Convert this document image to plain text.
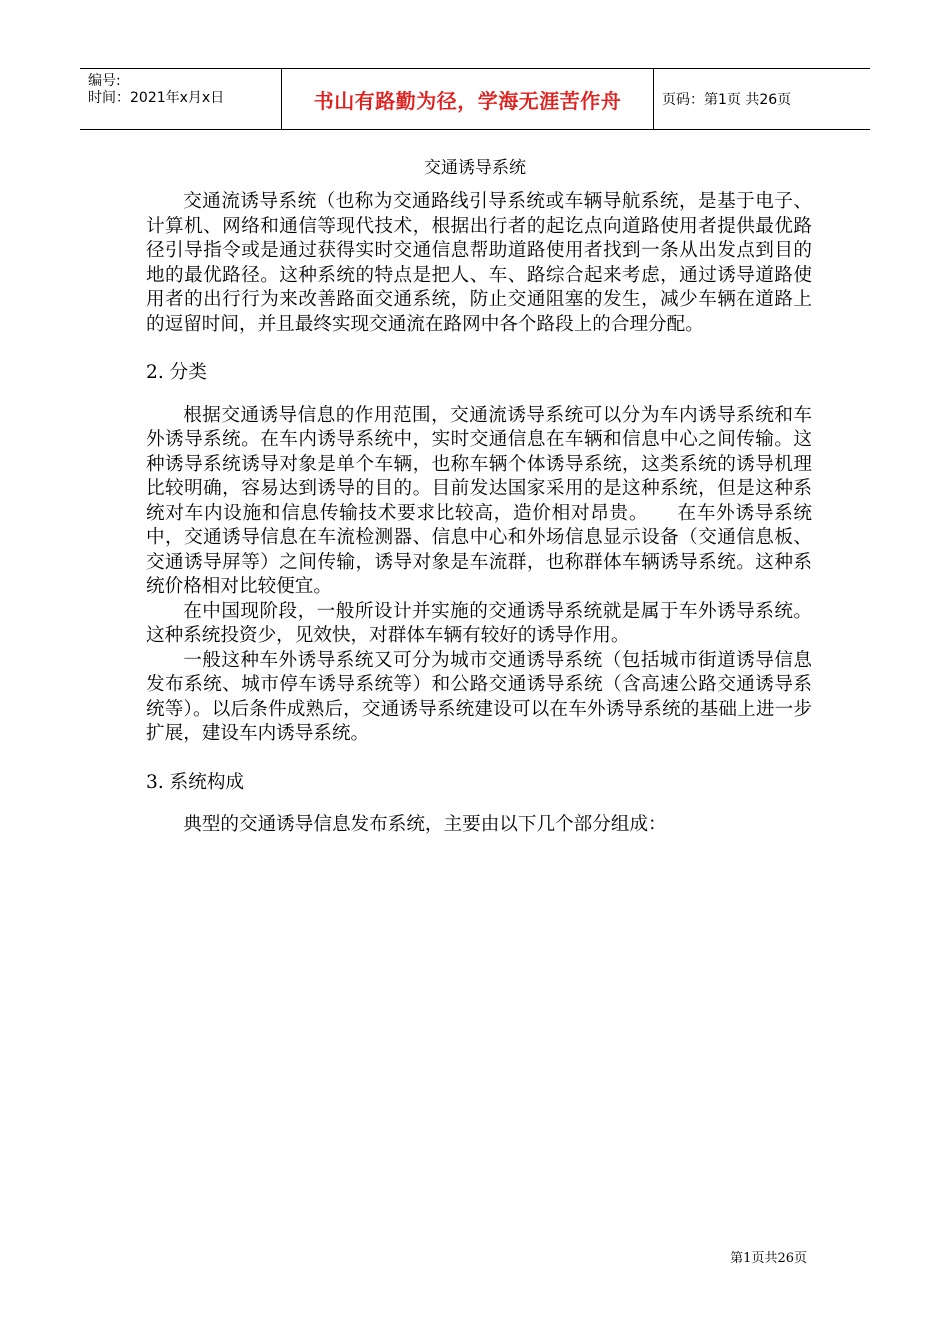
编号:
时间：2021年x月x日	书山有路勤为径，学海无涯苦作舟	页码：第1页 共26页
交通诱导系统

交通流诱导系统（也称为交通路线引导系统或车辆导航系统，是基于电子、计算机、网络和通信等现代技术，根据出行者的起讫点向道路使用者提供最优路径引导指令或是通过获得实时交通信息帮助道路使用者找到一条从出发点到目的地的最优路径。这种系统的特点是把人、车、路综合起来考虑，通过诱导道路使用者的出行行为来改善路面交通系统，防止交通阻塞的发生，减少车辆在道路上的逗留时间，并且最终实现交通流在路网中各个路段上的合理分配。

2. 分类

根据交通诱导信息的作用范围，交通流诱导系统可以分为车内诱导系统和车外诱导系统。在车内诱导系统中，实时交通信息在车辆和信息中心之间传输。这种诱导系统诱导对象是单个车辆，也称车辆个体诱导系统，这类系统的诱导机理比较明确，容易达到诱导的目的。目前发达国家采用的是这种系统，但是这种系统对车内设施和信息传输技术要求比较高，造价相对昂贵。　　在车外诱导系统中，交通诱导信息在车流检测器、信息中心和外场信息显示设备（交通信息板、交通诱导屏等）之间传输，诱导对象是车流群，也称群体车辆诱导系统。这种系统价格相对比较便宜。

在中国现阶段，一般所设计并实施的交通诱导系统就是属于车外诱导系统。这种系统投资少，见效快，对群体车辆有较好的诱导作用。

一般这种车外诱导系统又可分为城市交通诱导系统（包括城市街道诱导信息发布系统、城市停车诱导系统等）和公路交通诱导系统（含高速公路交通诱导系统等）。以后条件成熟后，交通诱导系统建设可以在车外诱导系统的基础上进一步扩展，建设车内诱导系统。

3. 系统构成

典型的交通诱导信息发布系统，主要由以下几个部分组成：

第1页共26页
